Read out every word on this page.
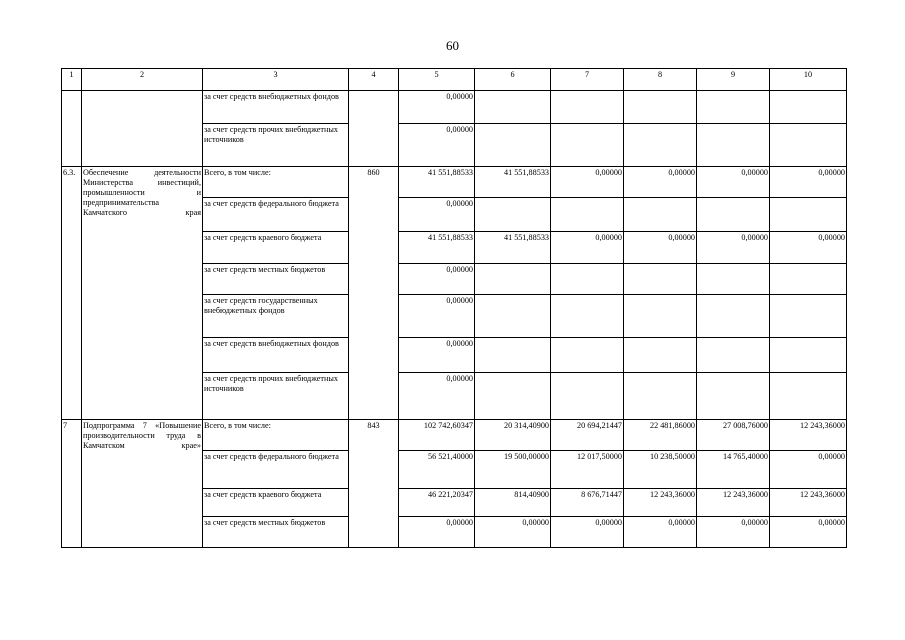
60
1	2	3	4	5	6	7	8	9	10
		за счет средств внебюджетных фондов		0,00000					
		за счет средств прочих внебюджетных источников		0,00000					
6.3.	Обеспечение деятельности Министерства инвестиций, промышленности и предпринимательства Камчатского края	Всего, в том числе:	860	41 551,88533	41 551,88533	0,00000	0,00000	0,00000	0,00000
		за счет средств федерального бюджета		0,00000					
		за счет средств краевого бюджета		41 551,88533	41 551,88533	0,00000	0,00000	0,00000	0,00000
		за счет средств местных бюджетов		0,00000					
		за счет средств государственных внебюджетных фондов		0,00000					
		за счет средств внебюджетных фондов		0,00000					
		за счет средств прочих внебюджетных источников		0,00000					
7	Подпрограмма 7 «Повышение производительности труда в Камчатском крае»	Всего, в том числе:	843	102 742,60347	20 314,40900	20 694,21447	22 481,86000	27 008,76000	12 243,36000
		за счет средств федерального бюджета		56 521,40000	19 500,00000	12 017,50000	10 238,50000	14 765,40000	0,00000
		за счет средств краевого бюджета		46 221,20347	814,40900	8 676,71447	12 243,36000	12 243,36000	12 243,36000
		за счет средств местных бюджетов		0,00000	0,00000	0,00000	0,00000	0,00000	0,00000
